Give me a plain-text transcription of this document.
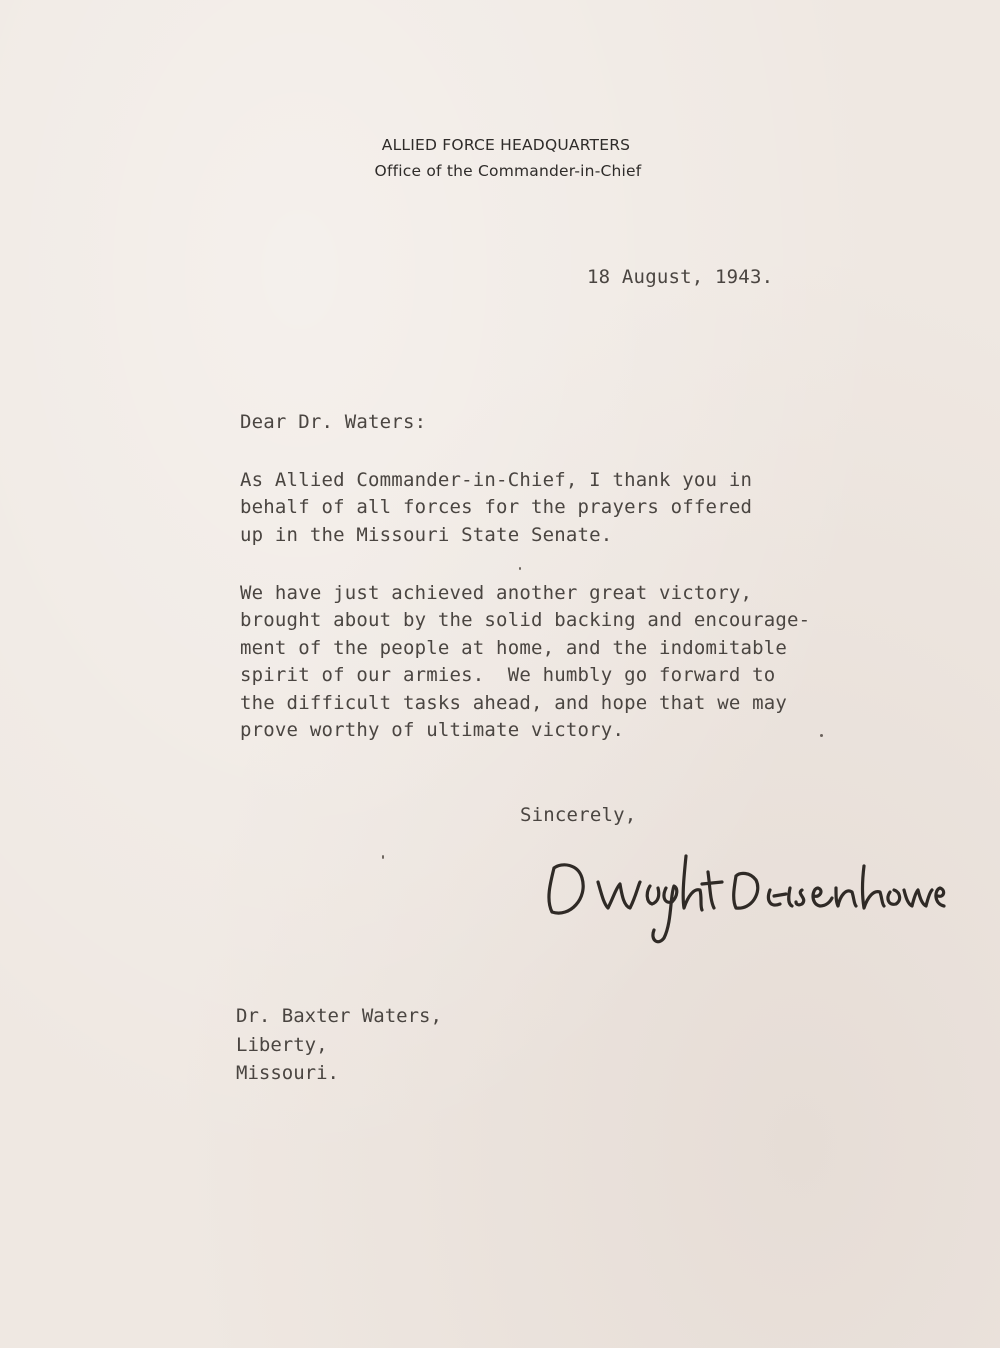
ALLIED FORCE HEADQUARTERS
Office of the Commander-in-Chief
18 August, 1943.
Dear Dr. Waters:
As Allied Commander-in-Chief, I thank you in
behalf of all forces for the prayers offered
up in the Missouri State Senate.
We have just achieved another great victory,
brought about by the solid backing and encourage-
ment of the people at home, and the indomitable
spirit of our armies.  We humbly go forward to
the difficult tasks ahead, and hope that we may
prove worthy of ultimate victory.
Sincerely,
Dr. Baxter Waters,
Liberty,
Missouri.
